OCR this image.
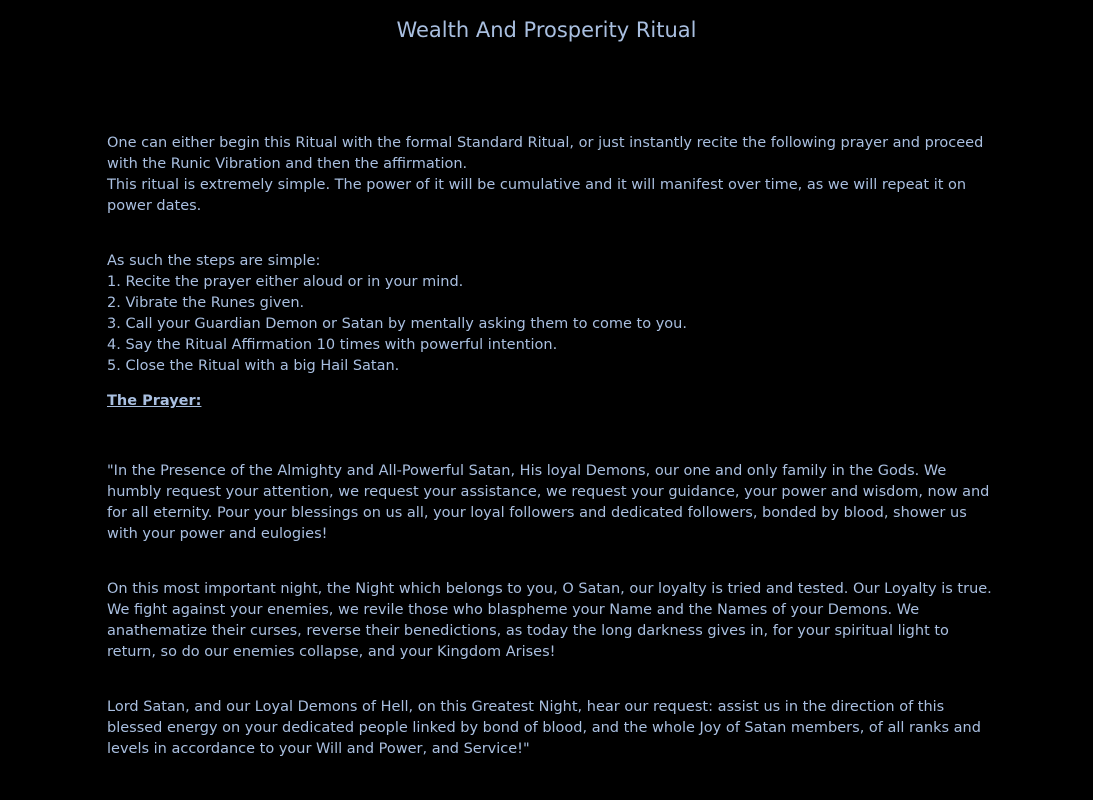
Wealth And Prosperity Ritual

One can either begin this Ritual with the formal Standard Ritual, or just instantly recite the following prayer and proceed with the Runic Vibration and then the affirmation.

This ritual is extremely simple. The power of it will be cumulative and it will manifest over time, as we will repeat it on power dates.

As such the steps are simple:

1. Recite the prayer either aloud or in your mind.
2. Vibrate the Runes given.
3. Call your Guardian Demon or Satan by mentally asking them to come to you.
4. Say the Ritual Affirmation 10 times with powerful intention.
5. Close the Ritual with a big Hail Satan.

The Prayer:

"In the Presence of the Almighty and All-Powerful Satan, His loyal Demons, our one and only family in the Gods. We humbly request your attention, we request your assistance, we request your guidance, your power and wisdom, now and for all eternity. Pour your blessings on us all, your loyal followers and dedicated followers, bonded by blood, shower us with your power and eulogies!

On this most important night, the Night which belongs to you, O Satan, our loyalty is tried and tested. Our Loyalty is true. We fight against your enemies, we revile those who blaspheme your Name and the Names of your Demons. We anathematize their curses, reverse their benedictions, as today the long darkness gives in, for your spiritual light to return, so do our enemies collapse, and your Kingdom Arises!

Lord Satan, and our Loyal Demons of Hell, on this Greatest Night, hear our request: assist us in the direction of this blessed energy on your dedicated people linked by bond of blood, and the whole Joy of Satan members, of all ranks and levels in accordance to your Will and Power, and Service!"
